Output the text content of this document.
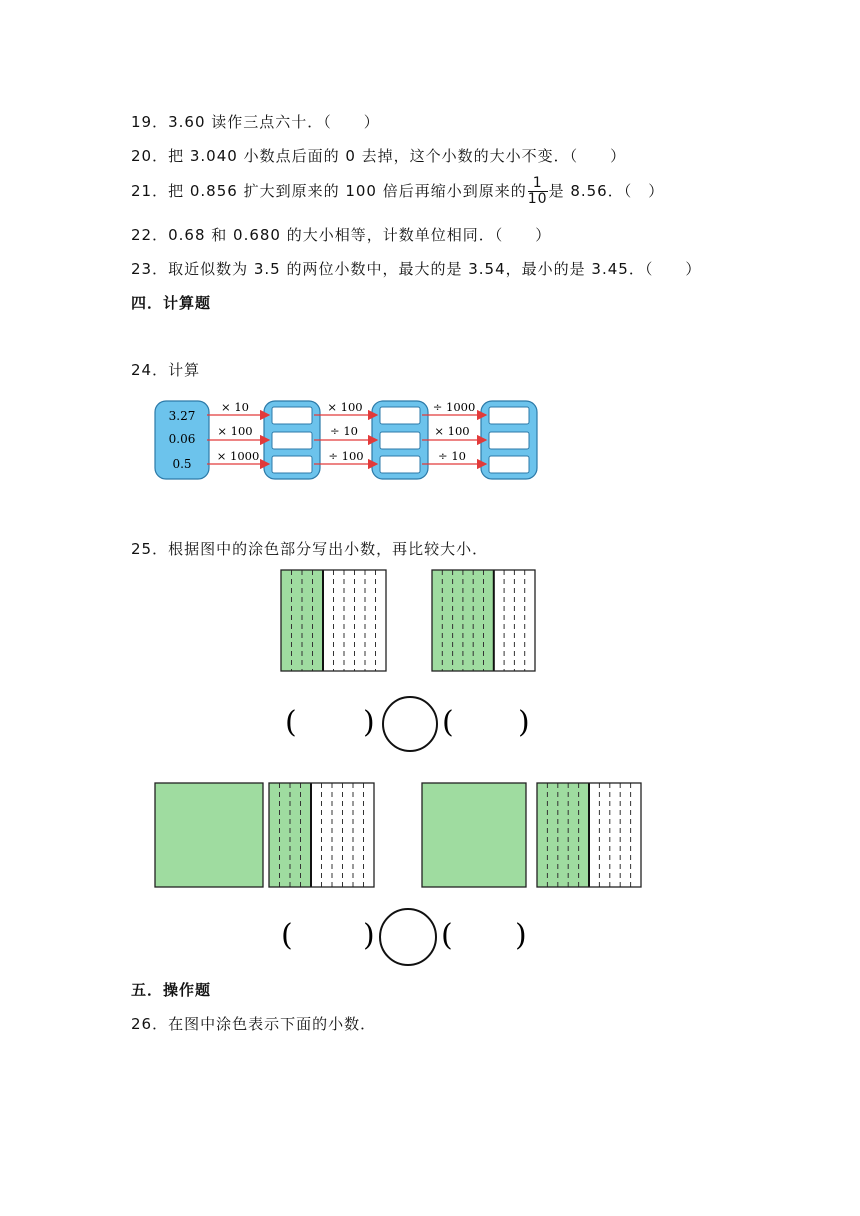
19．3.60 读作三点六十．（　　）
20．把 3.040 小数点后面的 0 去掉，这个小数的大小不变．（　　）
21．把 0.856 扩大到原来的 100 倍后再缩小到原来的 $\frac{1}{10}$ 是 8.56．（　）
22．0.68 和 0.680 的大小相等，计数单位相同．（　　）
23．取近似数为 3.5 的两位小数中，最大的是 3.54，最小的是 3.45．（　　）
四．计算题
24．计算
3.27
0.06
0.5
× 10
× 100
× 1000
× 100
÷ 10
÷ 100
÷ 1000
× 100
÷ 10
25．根据图中的涂色部分写出小数，再比较大小．
( ) ( )
( ) ( )
五．操作题
26．在图中涂色表示下面的小数．
